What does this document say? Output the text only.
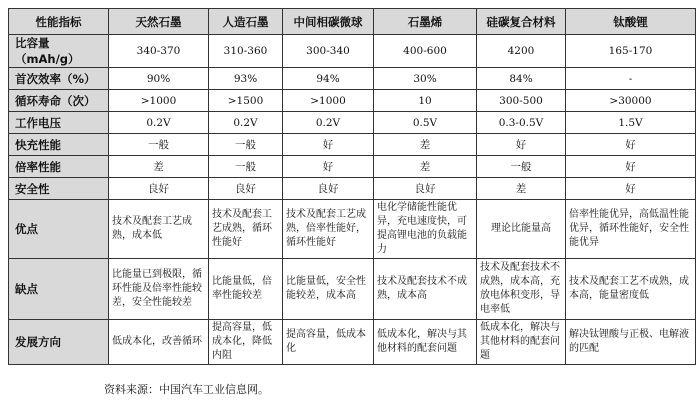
性能指标	天然石墨	人造石墨	中间相碳微球	石墨烯	硅碳复合材料	钛酸锂
比容量（mAh/g）	340-370	310-360	300-340	400-600	4200	165-170
首次效率（%）	90%	93%	94%	30%	84%	-
循环寿命（次）	>1000	>1500	>1000	10	300-500	>30000
工作电压	0.2V	0.2V	0.2V	0.5V	0.3-0.5V	1.5V
快充性能	一般	一般	好	差	好	好
倍率性能	差	一般	好	差	一般	好
安全性	良好	良好	良好	良好	差	好
优点	技术及配套工艺成熟，成本低	技术及配套工艺成熟，循环性能好	技术及配套工艺成熟，倍率性能好，循环性能好	电化学储能性能优异，充电速度快，可提高锂电池的负载能力	理论比能量高	倍率性能优异，高低温性能优异，循环性能好，安全性能优异
缺点	比能量已到极限，循环性能及倍率性能较差，安全性能较差	比能量低，倍率性能较差	比能量低，安全性能较差，成本高	技术及配套技术不成熟，成本高	技术及配套技术不成熟，成本高，充放电体积变形，导电率低	技术及配套工艺不成熟，成本高，能量密度低
发展方向	低成本化，改善循环	提高容量，低成本化，降低内阻	提高容量，低成本化	低成本化，解决与其他材料的配套问题	低成本化，解决与其他材料的配套问题	解决钛锂酸与正极、电解液的匹配
资料来源：中国汽车工业信息网。
